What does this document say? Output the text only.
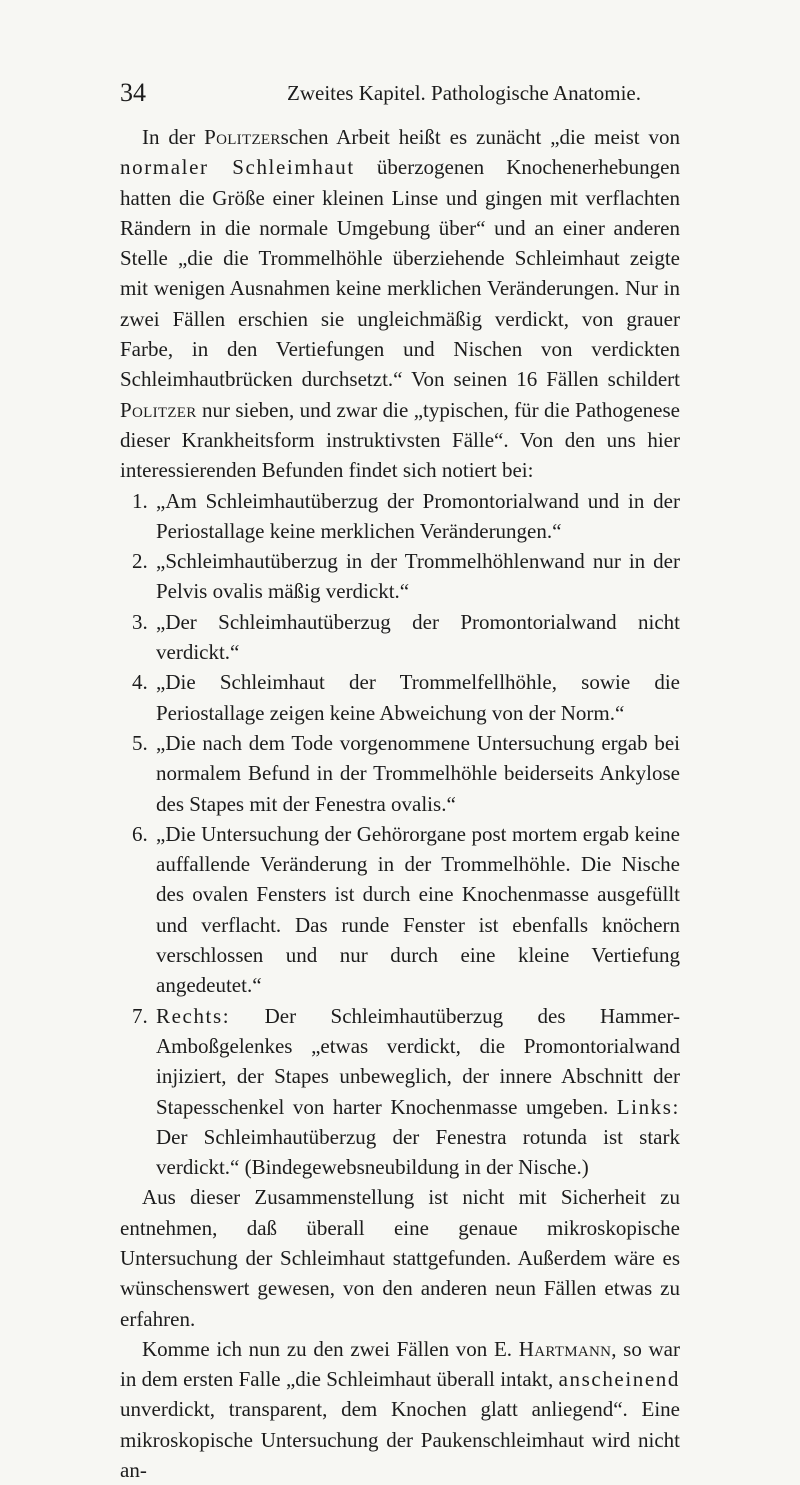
34	Zweites Kapitel. Pathologische Anatomie.

In der Politzerschen Arbeit heißt es zunächt „die meist von normaler Schleimhaut überzogenen Knochenerhebungen hatten die Größe einer kleinen Linse und gingen mit verflachten Rändern in die normale Umgebung über“ und an einer anderen Stelle „die die Trommelhöhle überziehende Schleimhaut zeigte mit wenigen Ausnahmen keine merklichen Veränderungen. Nur in zwei Fällen erschien sie ungleichmäßig verdickt, von grauer Farbe, in den Vertiefungen und Nischen von verdickten Schleimhautbrücken durchsetzt.“ Von seinen 16 Fällen schildert Politzer nur sieben, und zwar die „typischen, für die Pathogenese dieser Krankheitsform instruktivsten Fälle“. Von den uns hier interessierenden Befunden findet sich notiert bei:

1. „Am Schleimhautüberzug der Promontorialwand und in der Periostallage keine merklichen Veränderungen.“
2. „Schleimhautüberzug in der Trommelhöhlenwand nur in der Pelvis ovalis mäßig verdickt.“
3. „Der Schleimhautüberzug der Promontorialwand nicht verdickt.“
4. „Die Schleimhaut der Trommelfellhöhle, sowie die Periostallage zeigen keine Abweichung von der Norm.“
5. „Die nach dem Tode vorgenommene Untersuchung ergab bei normalem Befund in der Trommelhöhle beiderseits Ankylose des Stapes mit der Fenestra ovalis.“
6. „Die Untersuchung der Gehörorgane post mortem ergab keine auffallende Veränderung in der Trommelhöhle. Die Nische des ovalen Fensters ist durch eine Knochenmasse ausgefüllt und verflacht. Das runde Fenster ist ebenfalls knöchern verschlossen und nur durch eine kleine Vertiefung angedeutet.“
7. Rechts: Der Schleimhautüberzug des Hammer-Amboßgelenkes „etwas verdickt, die Promontorialwand injiziert, der Stapes unbeweglich, der innere Abschnitt der Stapesschenkel von harter Knochenmasse umgeben. Links: Der Schleimhautüberzug der Fenestra rotunda ist stark verdickt.“ (Bindegewebsneubildung in der Nische.)

Aus dieser Zusammenstellung ist nicht mit Sicherheit zu entnehmen, daß überall eine genaue mikroskopische Untersuchung der Schleimhaut stattgefunden. Außerdem wäre es wünschenswert gewesen, von den anderen neun Fällen etwas zu erfahren.

Komme ich nun zu den zwei Fällen von E. Hartmann, so war in dem ersten Falle „die Schleimhaut überall intakt, anscheinend unverdickt, transparent, dem Knochen glatt anliegend“. Eine mikroskopische Untersuchung der Paukenschleimhaut wird nicht an-
